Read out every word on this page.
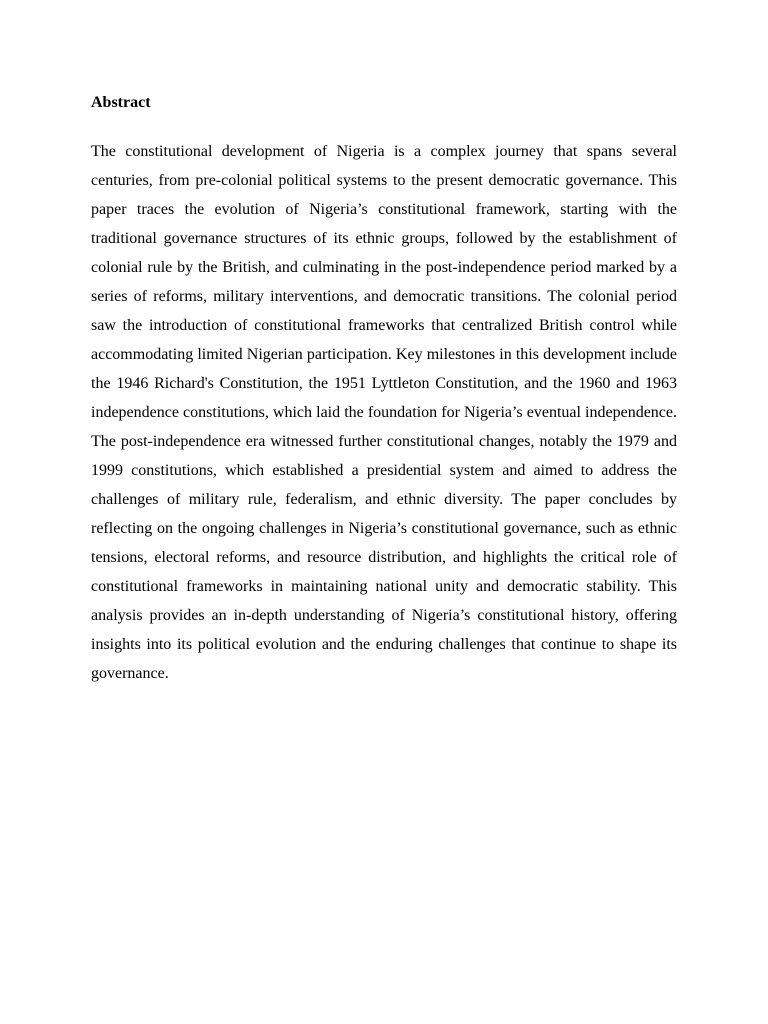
Abstract

The constitutional development of Nigeria is a complex journey that spans several centuries, from pre-colonial political systems to the present democratic governance. This paper traces the evolution of Nigeria’s constitutional framework, starting with the traditional governance structures of its ethnic groups, followed by the establishment of colonial rule by the British, and culminating in the post-independence period marked by a series of reforms, military interventions, and democratic transitions. The colonial period saw the introduction of constitutional frameworks that centralized British control while accommodating limited Nigerian participation. Key milestones in this development include the 1946 Richard's Constitution, the 1951 Lyttleton Constitution, and the 1960 and 1963 independence constitutions, which laid the foundation for Nigeria’s eventual independence. The post-independence era witnessed further constitutional changes, notably the 1979 and 1999 constitutions, which established a presidential system and aimed to address the challenges of military rule, federalism, and ethnic diversity. The paper concludes by reflecting on the ongoing challenges in Nigeria’s constitutional governance, such as ethnic tensions, electoral reforms, and resource distribution, and highlights the critical role of constitutional frameworks in maintaining national unity and democratic stability. This analysis provides an in-depth understanding of Nigeria’s constitutional history, offering insights into its political evolution and the enduring challenges that continue to shape its governance.
